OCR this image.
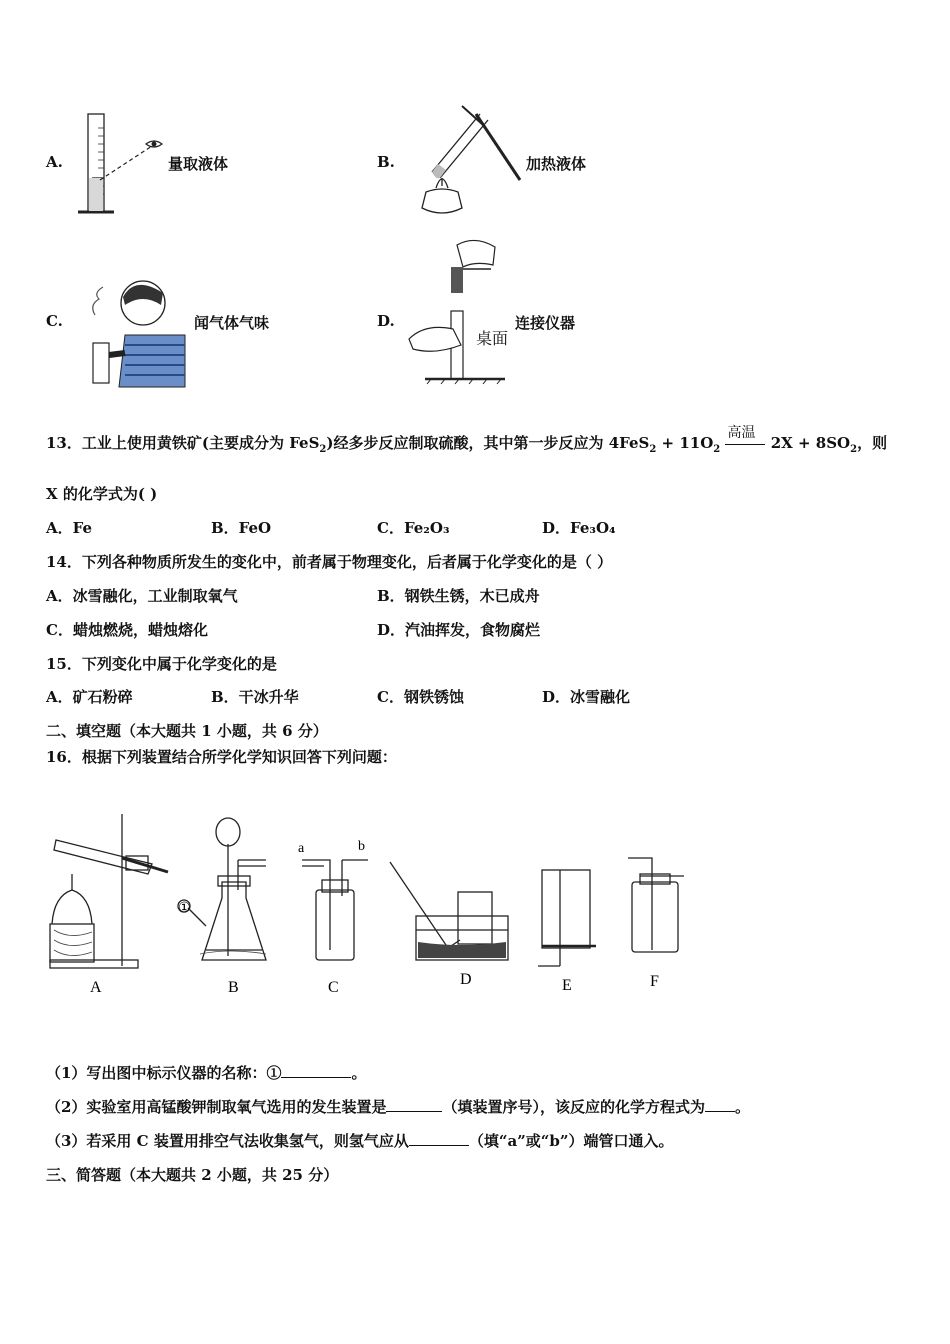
A.	量取液体	B.	加热液体
C.	闻气体气味	D.
桌面
连接仪器
13．工业上使用黄铁矿(主要成分为 FeS$_2$)经多步反应制取硫酸，其中第一步反应为 $4FeS_2 + 11O_2$
高温
$2X + 8SO_2$，则
X 的化学式为( )
A．Fe	B．FeO	C．Fe₂O₃	D．Fe₃O₄
14．下列各种物质所发生的变化中，前者属于物理变化，后者属于化学变化的是（ ）
A．冰雪融化，工业制取氧气	B．钢铁生锈，木已成舟
C．蜡烛燃烧，蜡烛熔化	D．汽油挥发，食物腐烂
15．下列变化中属于化学变化的是
A．矿石粉碎	B．干冰升华	C．钢铁锈蚀	D．冰雪融化
二、填空题（本大题共 1 小题，共 6 分）
16．根据下列装置结合所学化学知识回答下列问题：
A	B	C	D	E	F
①
a	b
（1）写出图中标示仪器的名称：①	。
（2）实验室用高锰酸钾制取氧气选用的发生装置是	（填装置序号），该反应的化学方程式为 。
（3）若采用 C 装置用排空气法收集氢气，则氢气应从	（填“a”或“b”）端管口通入。
三、简答题（本大题共 2 小题，共 25 分）
